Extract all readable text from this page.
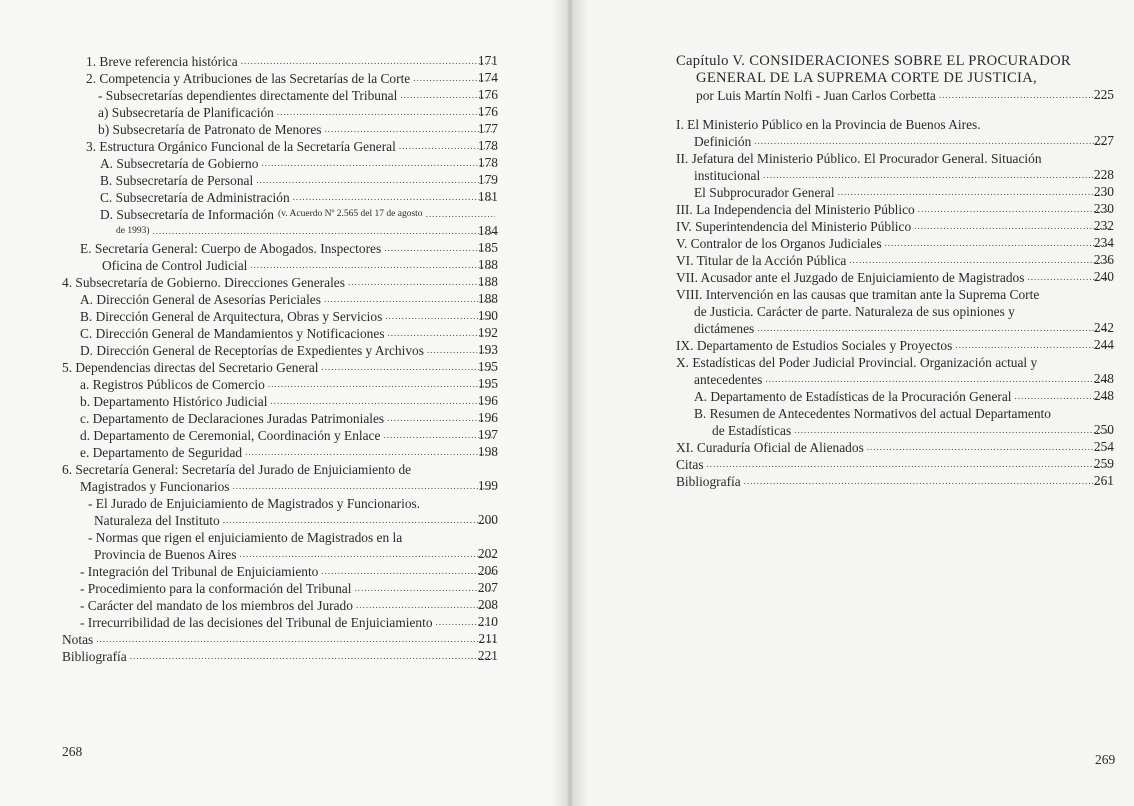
1. Breve referencia histórica .....	171
2. Competencia y Atribuciones de las Secretarías de la Corte .....	174
- Subsecretarías dependientes directamente del Tribunal .....	176
a) Subsecretaría de Planificación .....	176
b) Subsecretaría de Patronato de Menores .....	177
3. Estructura Orgánico Funcional de la Secretaría General .....	178
A. Subsecretaría de Gobierno .....	178
B. Subsecretaría de Personal .....	179
C. Subsecretaría de Administración .....	181
D. Subsecretaría de Información (v. Acuerdo Nº 2.565 del 17 de agosto
.....
de 1993) .....	184
E. Secretaría General: Cuerpo de Abogados. Inspectores .....	185
Oficina de Control Judicial .....	188
4. Subsecretaría de Gobierno. Direcciones Generales .....	188
A. Dirección General de Asesorías Periciales .....	188
B. Dirección General de Arquitectura, Obras y Servicios .....	190
C. Dirección General de Mandamientos y Notificaciones .....	192
D. Dirección General de Receptorías de Expedientes y Archivos .....	193
5. Dependencias directas del Secretario General .....	195
a. Registros Públicos de Comercio .....	195
b. Departamento Histórico Judicial .....	196
c. Departamento de Declaraciones Juradas Patrimoniales .....	196
d. Departamento de Ceremonial, Coordinación y Enlace .....	197
e. Departamento de Seguridad .....	198
6. Secretaría General: Secretaría del Jurado de Enjuiciamiento de
Magistrados y Funcionarios .....	199
- El Jurado de Enjuiciamiento de Magistrados y Funcionarios.
Naturaleza del Instituto .....	200
- Normas que rigen el enjuiciamiento de Magistrados en la
Provincia de Buenos Aires .....	202
- Integración del Tribunal de Enjuiciamiento .....	206
- Procedimiento para la conformación del Tribunal .....	207
- Carácter del mandato de los miembros del Jurado .....	208
- Irrecurribilidad de las decisiones del Tribunal de Enjuiciamiento .....	210
Notas .....	211
Bibliografía .....	221
Capítulo V. CONSIDERACIONES SOBRE EL PROCURADOR
GENERAL DE LA SUPREMA CORTE DE JUSTICIA,
por Luis Martín Nolfi - Juan Carlos Corbetta .....	225
I. El Ministerio Público en la Provincia de Buenos Aires.
Definición .....	227
II. Jefatura del Ministerio Público. El Procurador General. Situación
institucional .....	228
El Subprocurador General .....	230
III. La Independencia del Ministerio Público .....	230
IV. Superintendencia del Ministerio Público .....	232
V. Contralor de los Organos Judiciales .....	234
VI. Titular de la Acción Pública .....	236
VII. Acusador ante el Juzgado de Enjuiciamiento de Magistrados .....	240
VIII. Intervención en las causas que tramitan ante la Suprema Corte
de Justicia. Carácter de parte. Naturaleza de sus opiniones y
dictámenes .....	242
IX. Departamento de Estudios Sociales y Proyectos .....	244
X. Estadísticas del Poder Judicial Provincial. Organización actual y
antecedentes .....	248
A. Departamento de Estadísticas de la Procuración General .....	248
B. Resumen de Antecedentes Normativos del actual Departamento
de Estadísticas .....	250
XI. Curaduría Oficial de Alienados .....	254
Citas .....	259
Bibliografía .....	261
268
269
